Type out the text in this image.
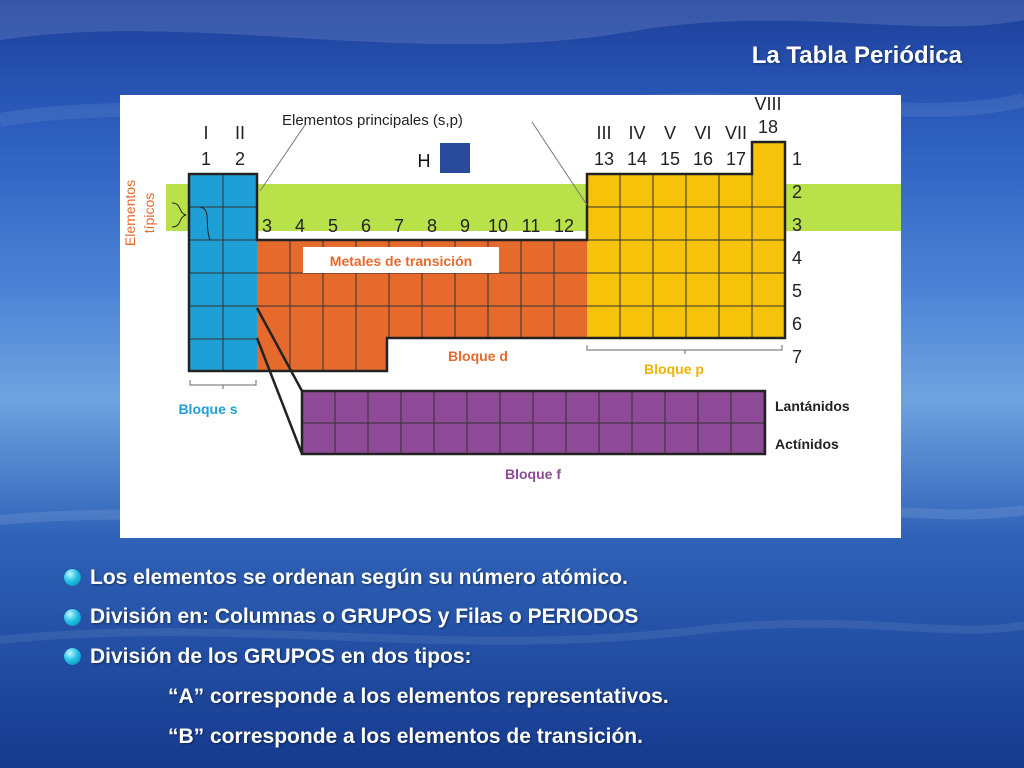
La Tabla Periódica
H
Elementos principales (s,p)
Elementos típicos
I II
1 2
III IV V VI VII
13 14 15 16 17
VIII
18
3 4 5 6 7 8 9 10 11 12
1
2
3
4
5
6
7
Metales de transición
Bloque s
Bloque d
Bloque p
Bloque f
Lantánidos
Actínidos
Los elementos se ordenan según su número atómico.
División en: Columnas o GRUPOS y Filas o PERIODOS
División de los GRUPOS en dos tipos:
“A” corresponde a los elementos representativos.
“B” corresponde a los elementos de transición.
